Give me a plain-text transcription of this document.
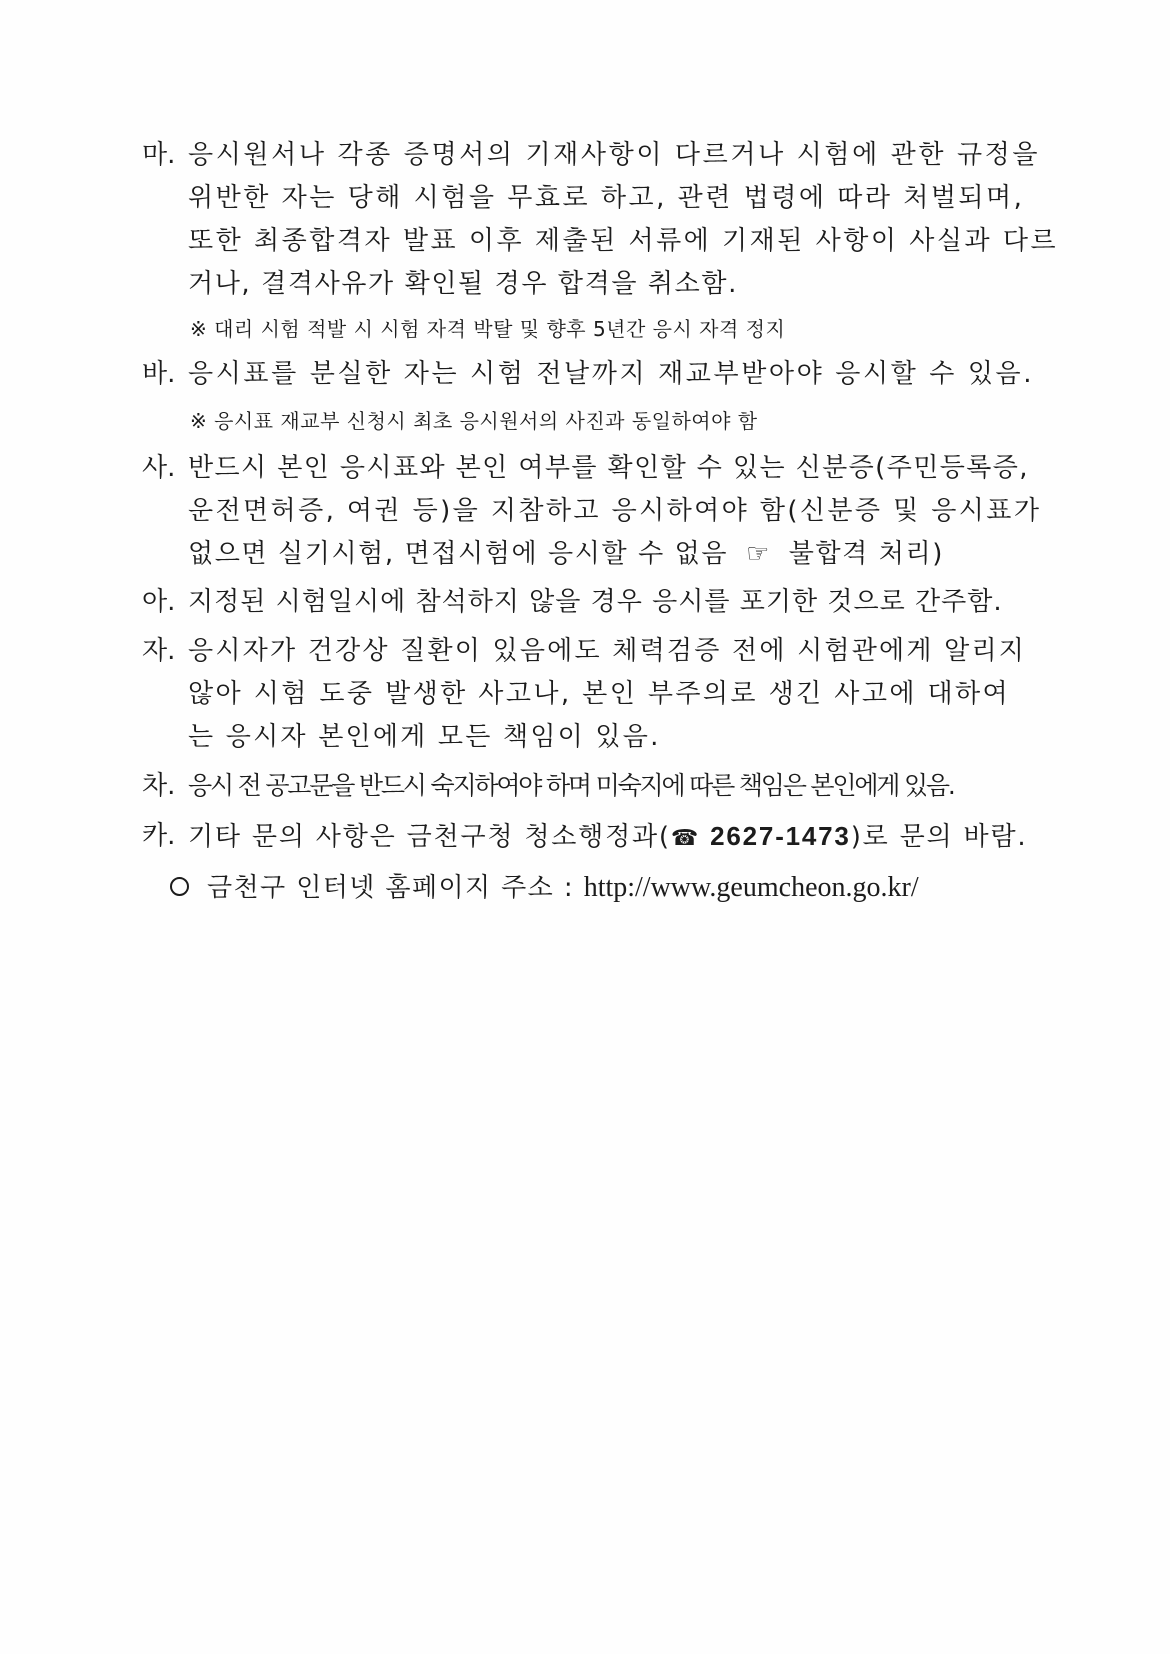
마. 응시원서나 각종 증명서의 기재사항이 다르거나 시험에 관한 규정을
위반한 자는 당해 시험을 무효로 하고, 관련 법령에 따라 처벌되며,
또한 최종합격자 발표 이후 제출된 서류에 기재된 사항이 사실과 다르
거나, 결격사유가 확인될 경우 합격을 취소함.
※ 대리 시험 적발 시 시험 자격 박탈 및 향후 5년간 응시 자격 정지
바. 응시표를 분실한 자는 시험 전날까지 재교부받아야 응시할 수 있음.
※ 응시표 재교부 신청시 최초 응시원서의 사진과 동일하여야 함
사. 반드시 본인 응시표와 본인 여부를 확인할 수 있는 신분증(주민등록증,
운전면허증, 여권 등)을 지참하고 응시하여야 함(신분증 및 응시표가
없으면 실기시험, 면접시험에 응시할 수 없음 ☞ 불합격 처리)
아. 지정된 시험일시에 참석하지 않을 경우 응시를 포기한 것으로 간주함.
자. 응시자가 건강상 질환이 있음에도 체력검증 전에 시험관에게 알리지
않아 시험 도중 발생한 사고나, 본인 부주의로 생긴 사고에 대하여
는 응시자 본인에게 모든 책임이 있음.
차. 응시 전 공고문을 반드시 숙지하여야 하며 미숙지에 따른 책임은 본인에게 있음.
카. 기타 문의 사항은 금천구청 청소행정과(☎ 2627-1473)로 문의 바람.
금천구 인터넷 홈페이지 주소 : http://www.geumcheon.go.kr/
